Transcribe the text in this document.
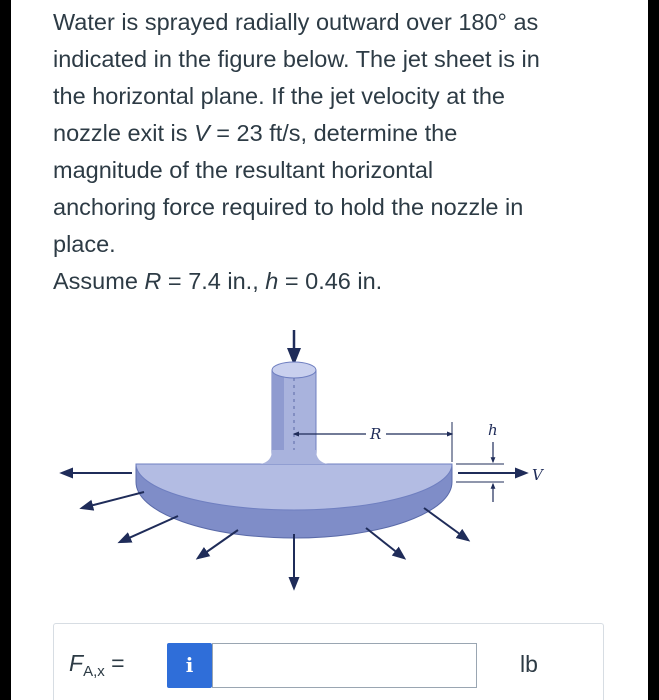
Water is sprayed radially outward over 180° as

indicated in the figure below. The jet sheet is in

the horizontal plane. If the jet velocity at the

nozzle exit is V = 23 ft/s, determine the

magnitude of the resultant horizontal

anchoring force required to hold the nozzle in

place.

Assume R = 7.4 in., h = 0.46 in.

R	h
V
$F_{A,x}$ =	i	lb
